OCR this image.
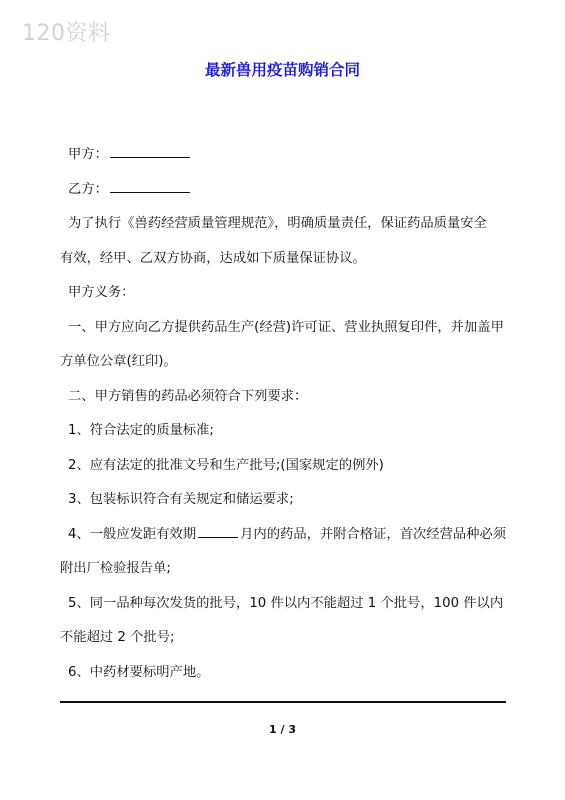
120资料
最新兽用疫苗购销合同

甲方：

乙方：

为了执行《兽药经营质量管理规范》，明确质量责任，保证药品质量安全

有效，经甲、乙双方协商，达成如下质量保证协议。

甲方义务：

一、甲方应向乙方提供药品生产(经营)许可证、营业执照复印件，并加盖甲

方单位公章(红印)。

二、甲方销售的药品必须符合下列要求：

1、符合法定的质量标准;

2、应有法定的批准文号和生产批号;(国家规定的例外)

3、包装标识符合有关规定和储运要求;

4、一般应发距有效期	月内的药品，并附合格证，首次经营品种必须

附出厂检验报告单;

5、同一品种每次发货的批号，10 件以内不能超过 1 个批号，100 件以内

不能超过 2 个批号;

6、中药材要标明产地。

1 / 3
